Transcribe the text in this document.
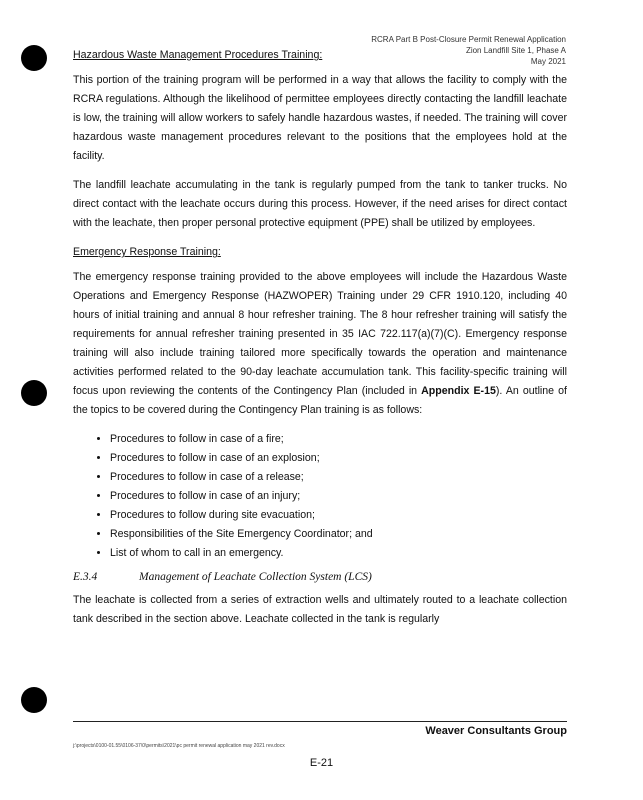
RCRA Part B Post-Closure Permit Renewal Application
Zion Landfill Site 1, Phase A
May 2021
Hazardous Waste Management Procedures Training:

This portion of the training program will be performed in a way that allows the facility to comply with the RCRA regulations. Although the likelihood of permittee employees directly contacting the landfill leachate is low, the training will allow workers to safely handle hazardous wastes, if needed. The training will cover hazardous waste management procedures relevant to the positions that the employees hold at the facility.

The landfill leachate accumulating in the tank is regularly pumped from the tank to tanker trucks. No direct contact with the leachate occurs during this process. However, if the need arises for direct contact with the leachate, then proper personal protective equipment (PPE) shall be utilized by employees.

Emergency Response Training:

The emergency response training provided to the above employees will include the Hazardous Waste Operations and Emergency Response (HAZWOPER) Training under 29 CFR 1910.120, including 40 hours of initial training and annual 8 hour refresher training. The 8 hour refresher training will satisfy the requirements for annual refresher training presented in 35 IAC 722.117(a)(7)(C). Emergency response training will also include training tailored more specifically towards the operation and maintenance activities performed related to the 90-day leachate accumulation tank. This facility-specific training will focus upon reviewing the contents of the Contingency Plan (included in Appendix E-15). An outline of the topics to be covered during the Contingency Plan training is as follows:

• Procedures to follow in case of a fire;
• Procedures to follow in case of an explosion;
• Procedures to follow in case of a release;
• Procedures to follow in case of an injury;
• Procedures to follow during site evacuation;
• Responsibilities of the Site Emergency Coordinator; and
• List of whom to call in an emergency.
E.3.4	Management of Leachate Collection System (LCS)

The leachate is collected from a series of extraction wells and ultimately routed to a leachate collection tank described in the section above. Leachate collected in the tank is regularly

Weaver Consultants Group
j:\projects\0100-01.55\0106-37\0\permits\2021\pc permit renewal application may 2021 rev.docx
E-21
